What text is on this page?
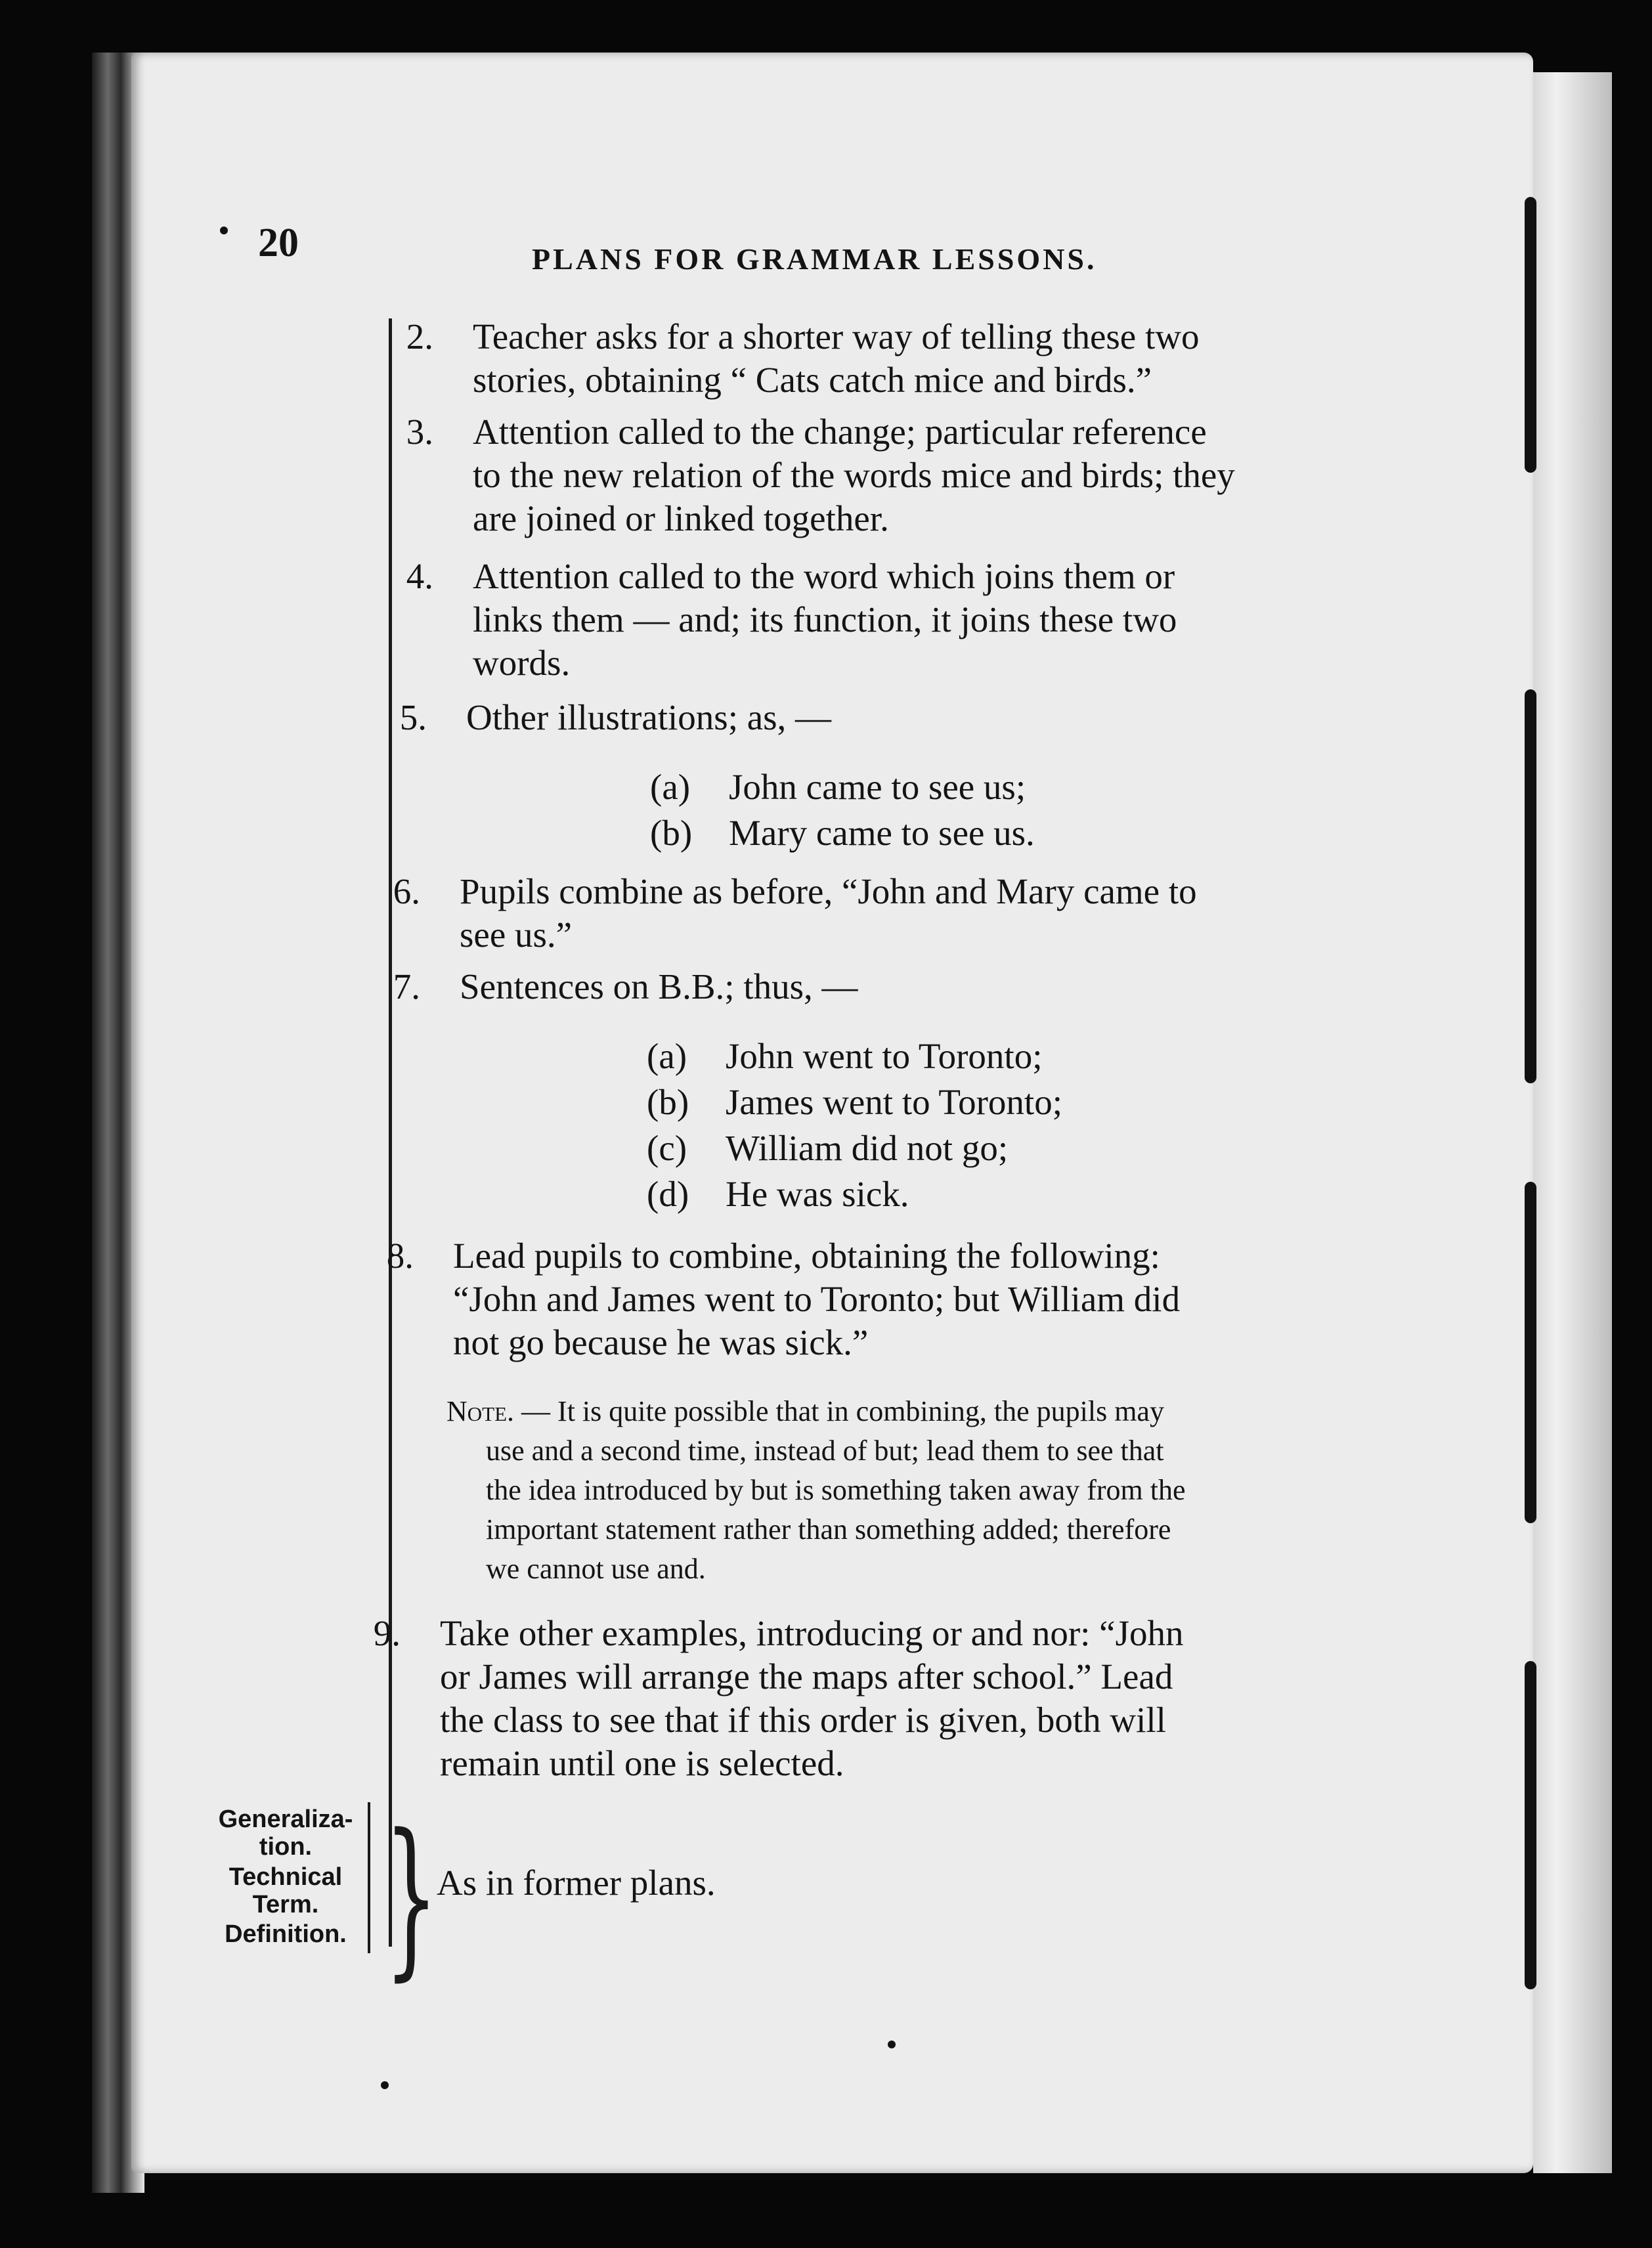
20	PLANS FOR GRAMMAR LESSONS.
2.	Teacher asks for a shorter way of telling these two
stories, obtaining “ Cats catch mice and birds.”
3.	Attention called to the change; particular reference
to the new relation of the words mice and birds; they
are joined or linked together.
4.	Attention called to the word which joins them or
links them — and; its function, it joins these two
words.
5.	Other illustrations; as, —
(a) John came to see us;
(b) Mary came to see us.
6.	Pupils combine as before, “John and Mary came to
see us.”
7.	Sentences on B.B.; thus, —
(a) John went to Toronto;
(b) James went to Toronto;
(c) William did not go;
(d) He was sick.
8.	Lead pupils to combine, obtaining the following:
“John and James went to Toronto; but William did
not go because he was sick.”
Note. — It is quite possible that in combining, the pupils may
use and a second time, instead of but; lead them to see that
the idea introduced by but is something taken away from the
important statement rather than something added; therefore
we cannot use and.
9.	Take other examples, introducing or and nor: “John
or James will arrange the maps after school.” Lead
the class to see that if this order is given, both will
remain until one is selected.
Generaliza-
tion.
Technical
Term.
Definition. }
As in former plans.
